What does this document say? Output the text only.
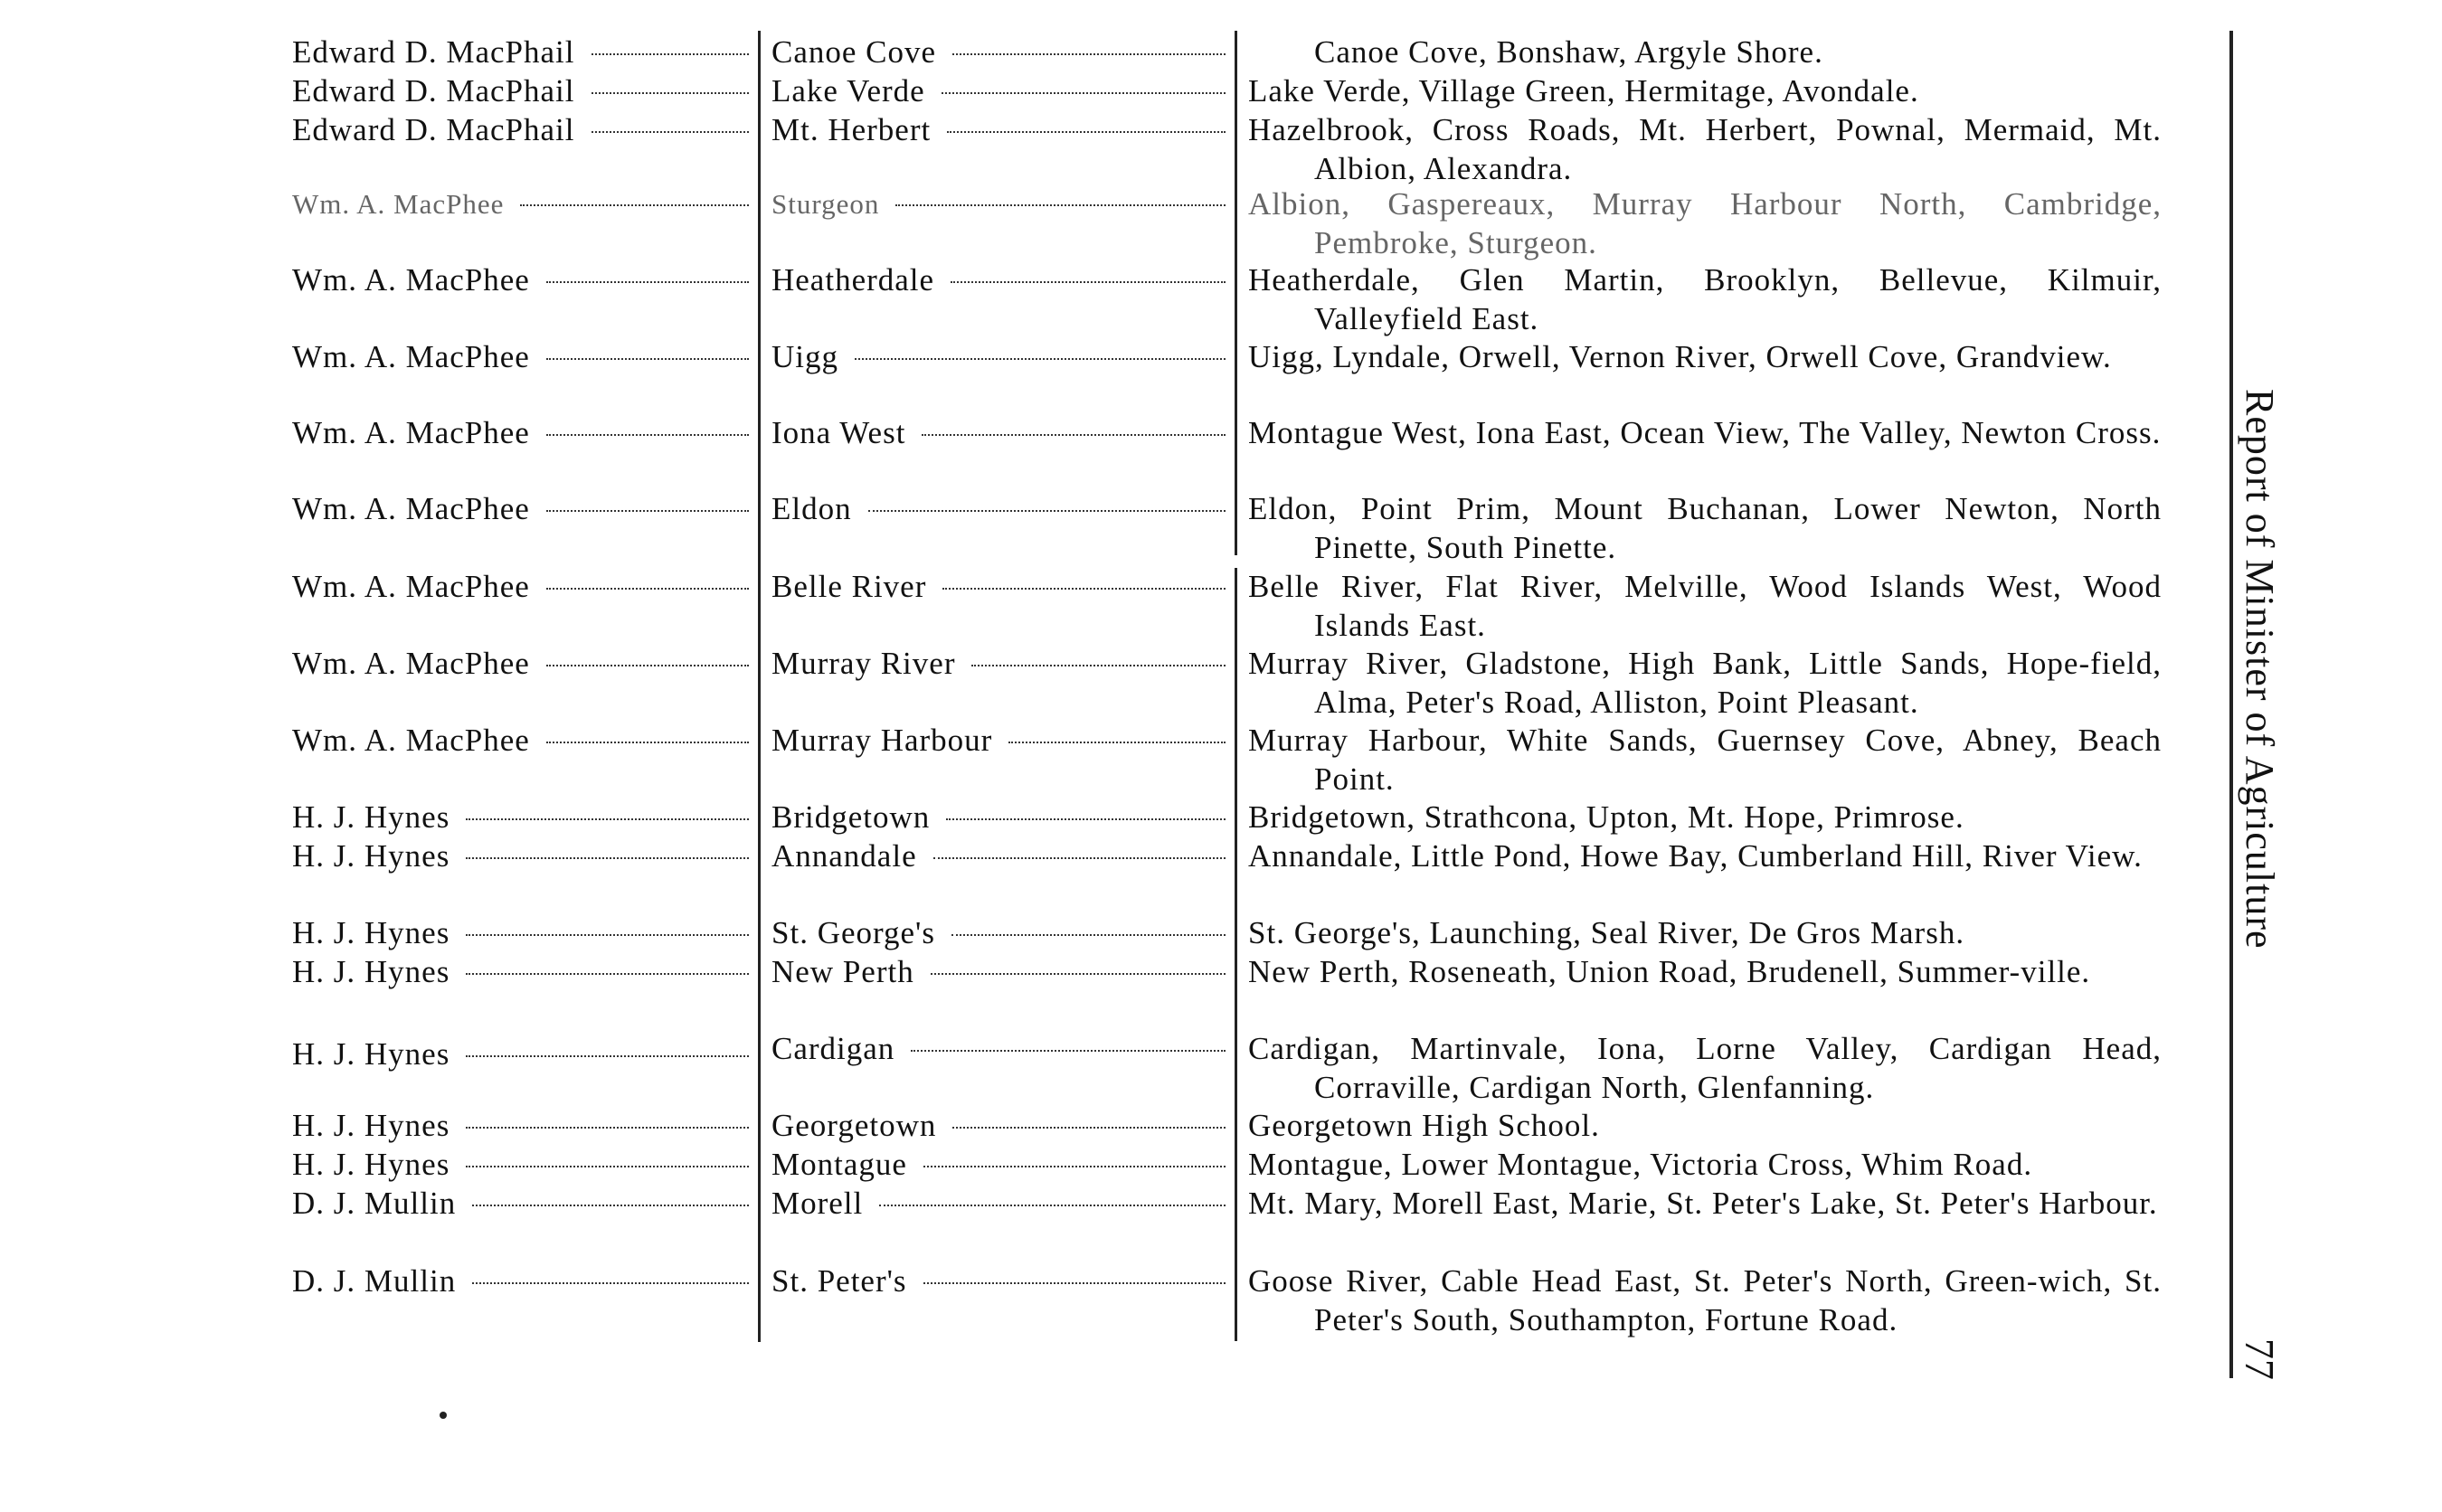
Edward D. MacPhail	Canoe Cove	Canoe Cove, Bonshaw, Argyle Shore.
Edward D. MacPhail	Lake Verde	Lake Verde, Village Green, Hermitage, Avondale.
Edward D. MacPhail	Mt. Herbert	Hazelbrook, Cross Roads, Mt. Herbert, Pownal, Mermaid, Mt. Albion, Alexandra.
Wm. A. MacPhee	Sturgeon	Albion, Gaspereaux, Murray Harbour North, Cambridge, Pembroke, Sturgeon.
Wm. A. MacPhee	Heatherdale	Heatherdale, Glen Martin, Brooklyn, Bellevue, Kilmuir, Valleyfield East.
Wm. A. MacPhee	Uigg	Uigg, Lyndale, Orwell, Vernon River, Orwell Cove, Grandview.
Wm. A. MacPhee	Iona West	Montague West, Iona East, Ocean View, The Valley, Newton Cross.
Wm. A. MacPhee	Eldon	Eldon, Point Prim, Mount Buchanan, Lower Newton, North Pinette, South Pinette.
Wm. A. MacPhee	Belle River	Belle River, Flat River, Melville, Wood Islands West, Wood Islands East.
Wm. A. MacPhee	Murray River	Murray River, Gladstone, High Bank, Little Sands, Hope-field, Alma, Peter's Road, Alliston, Point Pleasant.
Wm. A. MacPhee	Murray Harbour	Murray Harbour, White Sands, Guernsey Cove, Abney, Beach Point.
H. J. Hynes	Bridgetown	Bridgetown, Strathcona, Upton, Mt. Hope, Primrose.
H. J. Hynes	Annandale	Annandale, Little Pond, Howe Bay, Cumberland Hill, River View.
H. J. Hynes	St. George's	St. George's, Launching, Seal River, De Gros Marsh.
H. J. Hynes	New Perth	New Perth, Roseneath, Union Road, Brudenell, Summer-ville.
H. J. Hynes	Cardigan	Cardigan, Martinvale, Iona, Lorne Valley, Cardigan Head, Corraville, Cardigan North, Glenfanning.
H. J. Hynes	Georgetown	Georgetown High School.
H. J. Hynes	Montague	Montague, Lower Montague, Victoria Cross, Whim Road.
D. J. Mullin	Morell	Mt. Mary, Morell East, Marie, St. Peter's Lake, St. Peter's Harbour.
D. J. Mullin	St. Peter's	Goose River, Cable Head East, St. Peter's North, Green-wich, St. Peter's South, Southampton, Fortune Road.
Report of Minister of Agriculture
77
